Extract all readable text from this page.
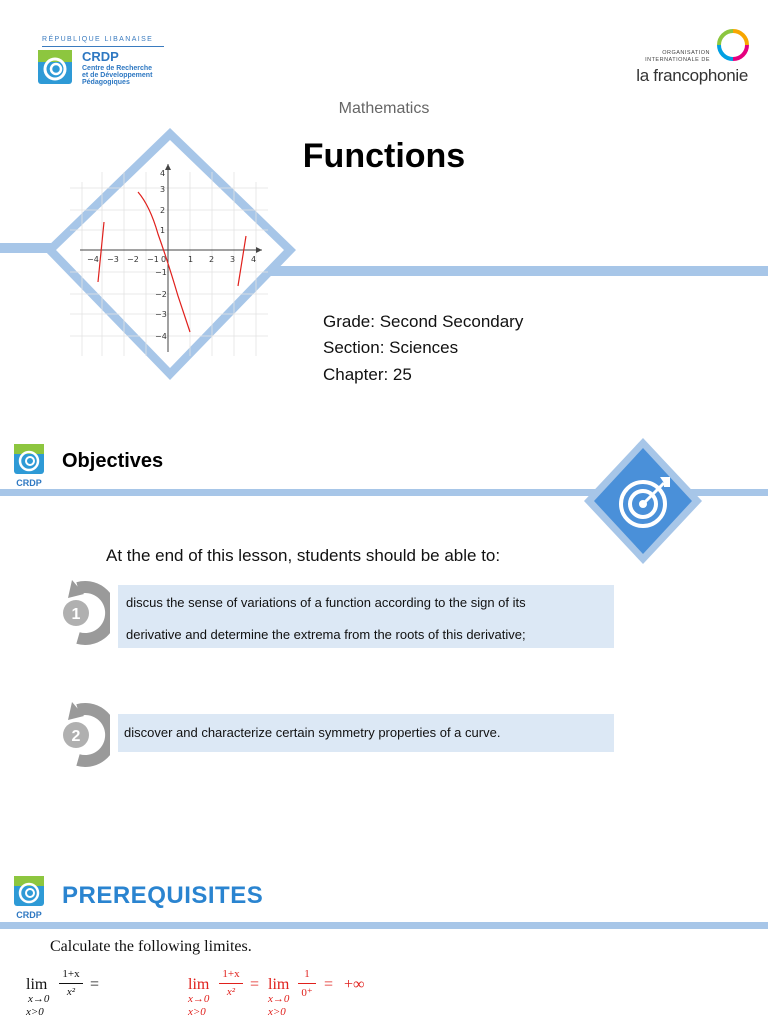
RÉPUBLIQUE LIBANAISE
CRDP
Centre de Recherche
et de Développement
Pédagogiques
ORGANISATION
INTERNATIONALE DE
la francophonie
Mathematics
Functions
−4 −3 −2 −1 0	1 2 3 4
4
3
2
1
−1
−2
−3
−4
Grade: Second Secondary
Section: Sciences
Chapter: 25
CRDP
Objectives
At the end of this lesson, students should be able to:
1
discus the sense of variations of a function according to the sign of its
derivative and determine the extrema from the roots of this derivative;
2	discover and characterize certain symmetry properties of a curve.
CRDP
PREREQUISITES
Calculate the following limites.
lim
x→0
x>0
1+x
x² =	lim
x→0
x>0
1+x
x² = lim
x→0
x>0
1
0⁺ = +∞
